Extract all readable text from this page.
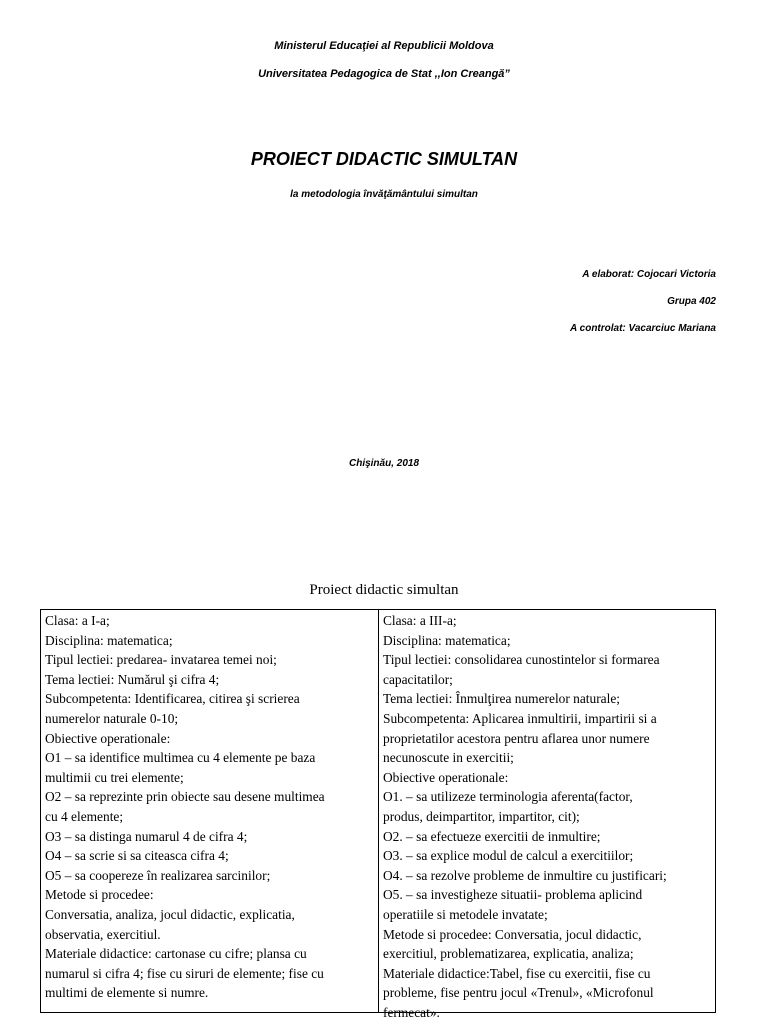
Ministerul Educaţiei al Republicii Moldova
Universitatea Pedagogica de Stat ,,Ion Creangă”
PROIECT DIDACTIC SIMULTAN
la metodologia învăţământului simultan
A elaborat: Cojocari Victoria
Grupa 402
A controlat: Vacarciuc Mariana
Chişinău, 2018
Proiect didactic simultan
Clasa: a I-a;
Disciplina: matematica;
Tipul lectiei: predarea- invatarea temei noi;
Tema lectiei: Numărul şi cifra 4;
Subcompetenta: Identificarea, citirea şi scrierea
numerelor naturale 0-10;
Obiective operationale:
O1 – sa identifice multimea cu 4 elemente pe baza
multimii cu trei elemente;
O2 – sa reprezinte prin obiecte sau desene multimea
cu 4 elemente;
O3 – sa distinga numarul 4 de cifra 4;
O4 – sa scrie si sa citeasca cifra 4;
O5 – sa coopereze în realizarea sarcinilor;
Metode si procedee:
Conversatia, analiza, jocul didactic, explicatia,
observatia, exercitiul.
Materiale didactice: cartonase cu cifre; plansa cu
numarul si cifra 4; fise cu siruri de elemente; fise cu
multimi de elemente si numre.
Clasa: a III-a;
Disciplina: matematica;
Tipul lectiei: consolidarea cunostintelor si formarea
capacitatilor;
Tema lectiei: Înmulţirea numerelor naturale;
Subcompetenta: Aplicarea inmultirii, impartirii si a
proprietatilor acestora pentru aflarea unor numere
necunoscute in exercitii;
Obiective operationale:
O1. – sa utilizeze terminologia aferenta(factor,
produs, deimpartitor, impartitor, cit);
O2. – sa efectueze exercitii de inmultire;
O3. – sa explice modul de calcul a exercitiilor;
O4. – sa rezolve probleme de inmultire cu justificari;
O5. – sa investigheze situatii- problema aplicind
operatiile si metodele invatate;
Metode si procedee: Conversatia, jocul didactic,
exercitiul, problematizarea, explicatia, analiza;
Materiale didactice:Tabel, fise cu exercitii, fise cu
probleme, fise pentru jocul «Trenul», «Microfonul
fermecat».
